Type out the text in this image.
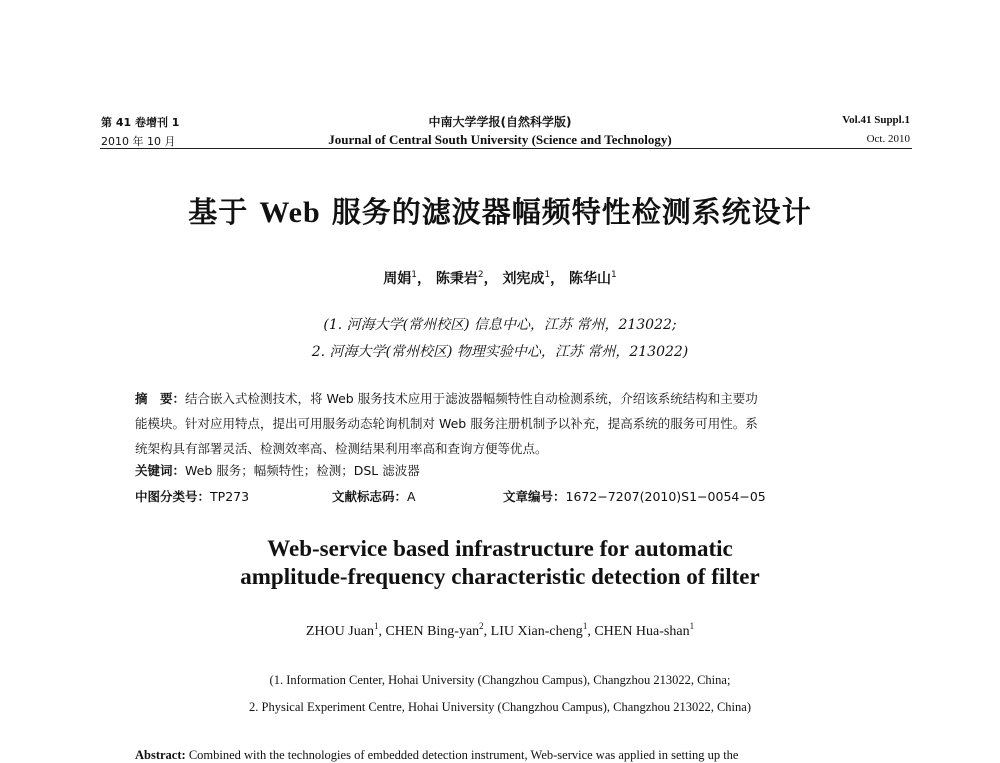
第 41 卷增刊 1
2010 年 10 月
中南大学学报(自然科学版)
Journal of Central South University (Science and Technology)
Vol.41 Suppl.1
Oct. 2010
基于 Web 服务的滤波器幅频特性检测系统设计
周娟$^1$， 陈秉岩$^2$， 刘宪成$^1$， 陈华山$^1$
(1. 河海大学(常州校区) 信息中心，江苏 常州，213022;
2. 河海大学(常州校区) 物理实验中心，江苏 常州，213022)
摘　要：结合嵌入式检测技术，将 Web 服务技术应用于滤波器幅频特性自动检测系统，介绍该系统结构和主要功
能模块。针对应用特点，提出可用服务动态轮询机制对 Web 服务注册机制予以补充，提高系统的服务可用性。系
统架构具有部署灵活、检测效率高、检测结果利用率高和查询方便等优点。
关键词：Web 服务；幅频特性；检测；DSL 滤波器
中图分类号：TP273	文献标志码：A	文章编号：1672−7207(2010)S1−0054−05
Web-service based infrastructure for automatic
amplitude-frequency characteristic detection of filter
ZHOU Juan$^1$, CHEN Bing-yan$^2$, LIU Xian-cheng$^1$, CHEN Hua-shan$^1$
(1. Information Center, Hohai University (Changzhou Campus), Changzhou 213022, China;
2. Physical Experiment Centre, Hohai University (Changzhou Campus), Changzhou 213022, China)
Abstract: Combined with the technologies of embedded detection instrument, Web-service was applied in setting up the
